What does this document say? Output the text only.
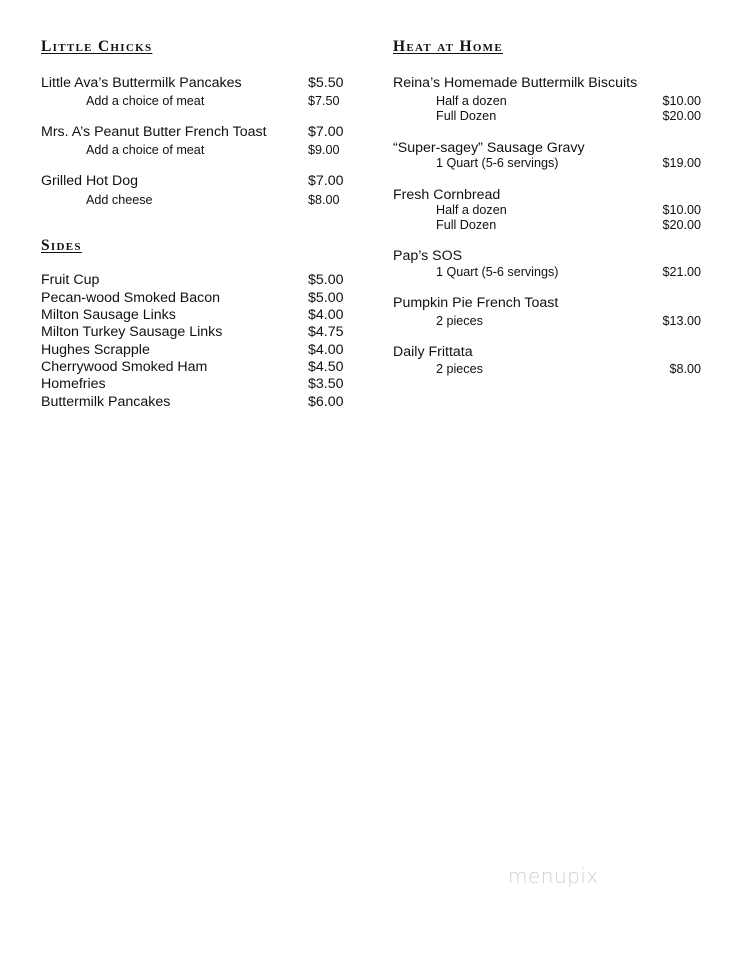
Little Chicks
Little Ava’s Buttermilk Pancakes	$5.50
Add a choice of meat	$7.50
Mrs. A’s Peanut Butter French Toast	$7.00
Add a choice of meat	$9.00
Grilled Hot Dog	$7.00
Add cheese	$8.00
Sides
Fruit Cup	$5.00
Pecan-wood Smoked Bacon	$5.00
Milton Sausage Links	$4.00
Milton Turkey Sausage Links	$4.75
Hughes Scrapple	$4.00
Cherrywood Smoked Ham	$4.50
Homefries	$3.50
Buttermilk Pancakes	$6.00
Heat at Home
Reina’s Homemade Buttermilk Biscuits
Half a dozen	$10.00
Full Dozen	$20.00
“Super-sagey” Sausage Gravy
1 Quart (5-6 servings)	$19.00
Fresh Cornbread
Half a dozen	$10.00
Full Dozen	$20.00
Pap’s SOS
1 Quart (5-6 servings)	$21.00
Pumpkin Pie French Toast
2 pieces	$13.00
Daily Frittata
2 pieces	$8.00
menupix
